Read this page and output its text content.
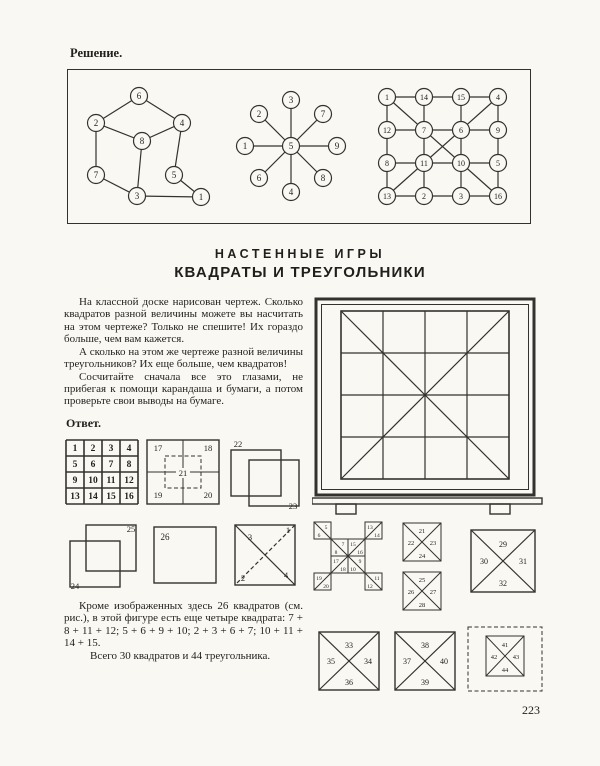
Решение.
6
2	4
8
7	5
3	1
3
7
9
8
4
6
1
2
5
1	14	15	4
12	7	6	9
8	11	10	5
13	2	3	16
НАСТЕННЫЕ ИГРЫ
КВАДРАТЫ И ТРЕУГОЛЬНИКИ

На классной доске нарисован чертеж. Сколько квадратов разной величины можете вы насчитать на этом чертеже? Только не спешите! Их гораздо больше, чем вам кажется.

А сколько на этом же чертеже разной величины треугольников? Их еще больше, чем квадратов!

Сосчитайте сначала все это глазами, не прибегая к помощи карандаша и бумаги, а потом проверьте свои выводы на бумаге.

Ответ.
1 2 3 4
5 6 7 8
9 10 11 12
13 14 15 16
17	18
19	20
21
22
23
25
24
26
1
3
2	4

Кроме изображенных здесь 26 квадратов (см. рис.), в этой фигуре есть еще четыре квадрата: 7 + 8 + 11 + 12; 5 + 6 + 9 + 10; 2 + 3 + 6 + 7; 10 + 11 + 14 + 15.

Всего 30 квадратов и 44 треугольника.

5
6
7
8
9
10
11
12
13
14
15
16
17
18
19
20
21
22 23
24
25
26 27
28
29
30	31
32
33
35	34
36
38
37	40
39
41
42 43
44
223
